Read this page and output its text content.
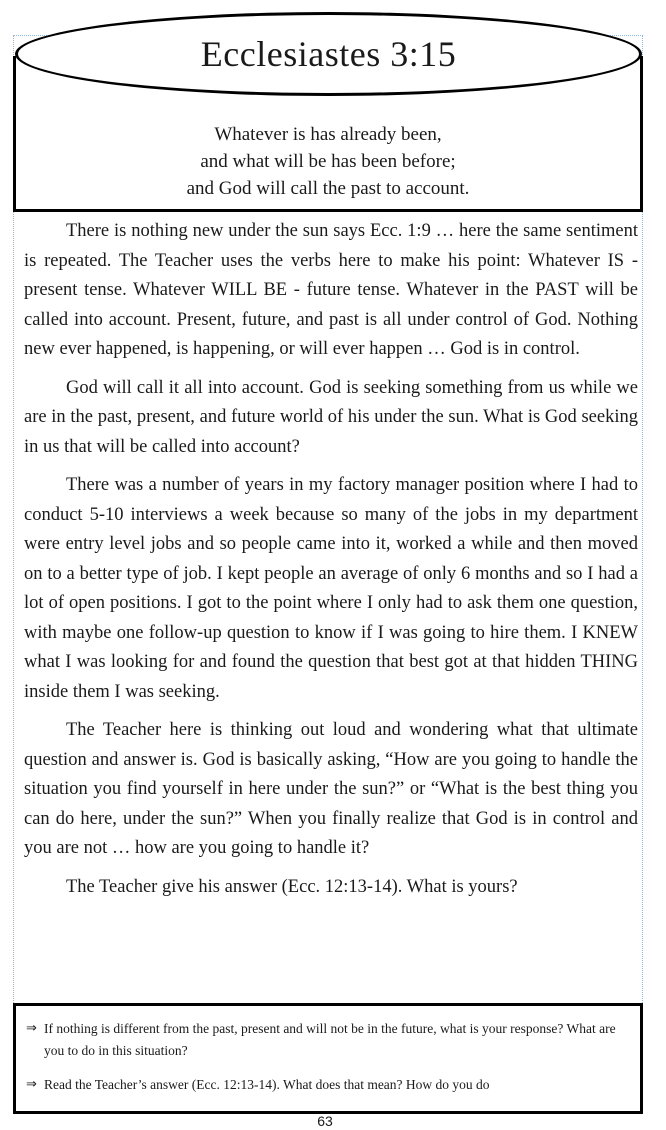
Ecclesiastes 3:15
Whatever is has already been,
and what will be has been before;
and God will call the past to account.

There is nothing new under the sun says Ecc. 1:9 … here the same sentiment is repeated. The Teacher uses the verbs here to make his point: Whatever IS - present tense. Whatever WILL BE - future tense. Whatever in the PAST will be called into account. Present, future, and past is all under control of God. Nothing new ever happened, is happening, or will ever happen … God is in control.

God will call it all into account. God is seeking something from us while we are in the past, present, and future world of his under the sun. What is God seeking in us that will be called into account?

There was a number of years in my factory manager position where I had to conduct 5-10 interviews a week because so many of the jobs in my department were entry level jobs and so people came into it, worked a while and then moved on to a better type of job. I kept people an average of only 6 months and so I had a lot of open positions. I got to the point where I only had to ask them one question, with maybe one follow-up question to know if I was going to hire them. I KNEW what I was looking for and found the question that best got at that hidden THING inside them I was seeking.

The Teacher here is thinking out loud and wondering what that ultimate question and answer is. God is basically asking, “How are you going to handle the situation you find yourself in here under the sun?” or “What is the best thing you can do here, under the sun?” When you finally realize that God is in control and you are not … how are you going to handle it?

The Teacher give his answer (Ecc. 12:13-14). What is yours?

⇒ If nothing is different from the past, present and will not be in the future, what is your response? What are you to do in this situation?
⇒ Read the Teacher’s answer (Ecc. 12:13-14). What does that mean? How do you do
63
